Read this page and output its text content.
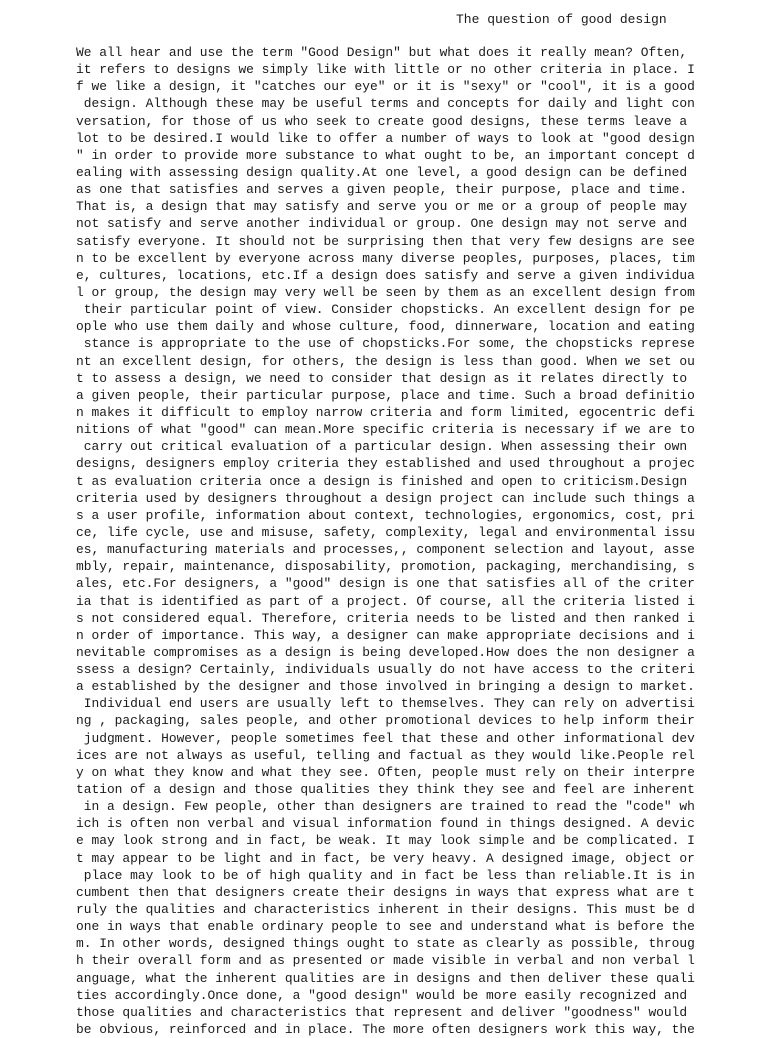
The question of good design
We all hear and use the term "Good Design" but what does it really mean? Often,
it refers to designs we simply like with little or no other criteria in place. I
f we like a design, it "catches our eye" or it is "sexy" or "cool", it is a good
design. Although these may be useful terms and concepts for daily and light con
versation, for those of us who seek to create good designs, these terms leave a
lot to be desired.I would like to offer a number of ways to look at "good design
" in order to provide more substance to what ought to be, an important concept d
ealing with assessing design quality.At one level, a good design can be defined
as one that satisfies and serves a given people, their purpose, place and time.
That is, a design that may satisfy and serve you or me or a group of people may
not satisfy and serve another individual or group. One design may not serve and
satisfy everyone. It should not be surprising then that very few designs are see
n to be excellent by everyone across many diverse peoples, purposes, places, tim
e, cultures, locations, etc.If a design does satisfy and serve a given individua
l or group, the design may very well be seen by them as an excellent design from
their particular point of view. Consider chopsticks. An excellent design for pe
ople who use them daily and whose culture, food, dinnerware, location and eating
stance is appropriate to the use of chopsticks.For some, the chopsticks represe
nt an excellent design, for others, the design is less than good. When we set ou
t to assess a design, we need to consider that design as it relates directly to
a given people, their particular purpose, place and time. Such a broad definitio
n makes it difficult to employ narrow criteria and form limited, egocentric defi
nitions of what "good" can mean.More specific criteria is necessary if we are to
carry out critical evaluation of a particular design. When assessing their own
designs, designers employ criteria they established and used throughout a projec
t as evaluation criteria once a design is finished and open to criticism.Design
criteria used by designers throughout a design project can include such things a
s a user profile, information about context, technologies, ergonomics, cost, pri
ce, life cycle, use and misuse, safety, complexity, legal and environmental issu
es, manufacturing materials and processes,, component selection and layout, asse
mbly, repair, maintenance, disposability, promotion, packaging, merchandising, s
ales, etc.For designers, a "good" design is one that satisfies all of the criter
ia that is identified as part of a project. Of course, all the criteria listed i
s not considered equal. Therefore, criteria needs to be listed and then ranked i
n order of importance. This way, a designer can make appropriate decisions and i
nevitable compromises as a design is being developed.How does the non designer a
ssess a design? Certainly, individuals usually do not have access to the criteri
a established by the designer and those involved in bringing a design to market.
Individual end users are usually left to themselves. They can rely on advertisi
ng , packaging, sales people, and other promotional devices to help inform their
judgment. However, people sometimes feel that these and other informational dev
ices are not always as useful, telling and factual as they would like.People rel
y on what they know and what they see. Often, people must rely on their interpre
tation of a design and those qualities they think they see and feel are inherent
in a design. Few people, other than designers are trained to read the "code" wh
ich is often non verbal and visual information found in things designed. A devic
e may look strong and in fact, be weak. It may look simple and be complicated. I
t may appear to be light and in fact, be very heavy. A designed image, object or
place may look to be of high quality and in fact be less than reliable.It is in
cumbent then that designers create their designs in ways that express what are t
ruly the qualities and characteristics inherent in their designs. This must be d
one in ways that enable ordinary people to see and understand what is before the
m. In other words, designed things ought to state as clearly as possible, throug
h their overall form and as presented or made visible in verbal and non verbal l
anguage, what the inherent qualities are in designs and then deliver these quali
ties accordingly.Once done, a "good design" would be more easily recognized and
those qualities and characteristics that represent and deliver "goodness" would
be obvious, reinforced and in place. The more often designers work this way, the
